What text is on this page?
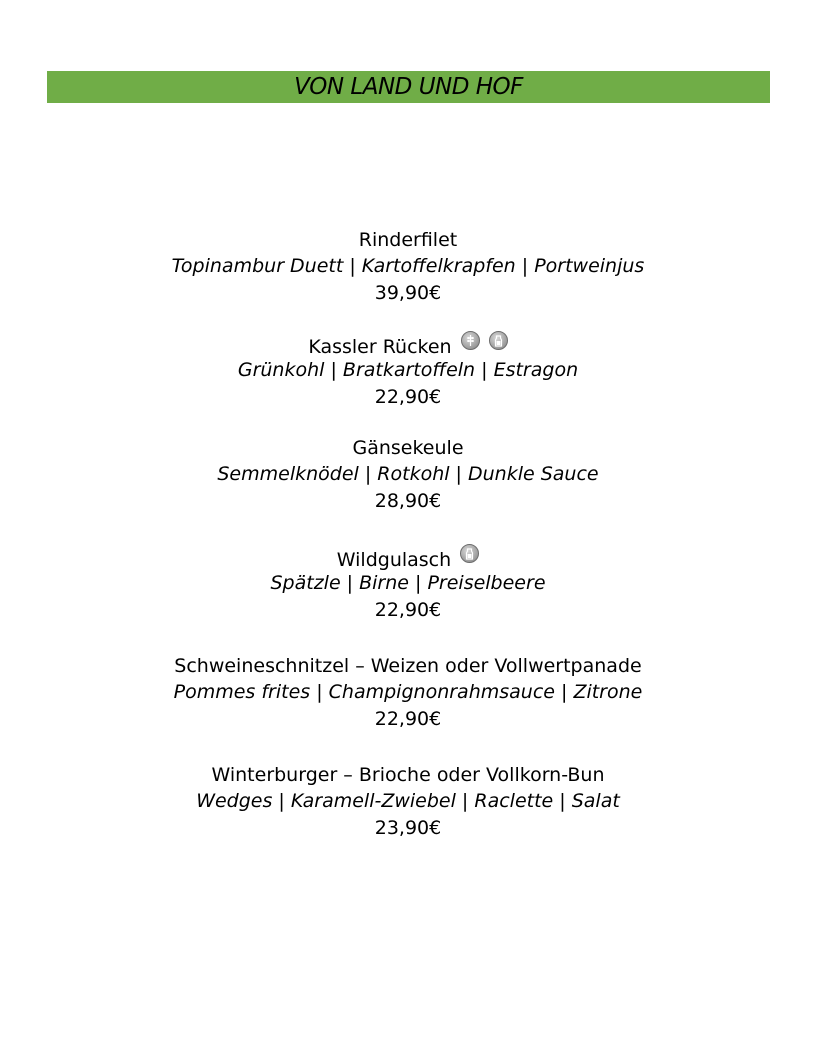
VON LAND UND HOF
Rinderfilet
Topinambur Duett | Kartoffelkrapfen | Portweinjus
39,90€
Kassler Rücken

Grünkohl | Bratkartoffeln | Estragon
22,90€
Gänsekeule
Semmelknödel | Rotkohl | Dunkle Sauce
28,90€
Wildgulasch
Spätzle | Birne | Preiselbeere
22,90€
Schweineschnitzel – Weizen oder Vollwertpanade
Pommes frites | Champignonrahmsauce | Zitrone
22,90€
Winterburger – Brioche oder Vollkorn-Bun
Wedges | Karamell-Zwiebel | Raclette | Salat
23,90€
